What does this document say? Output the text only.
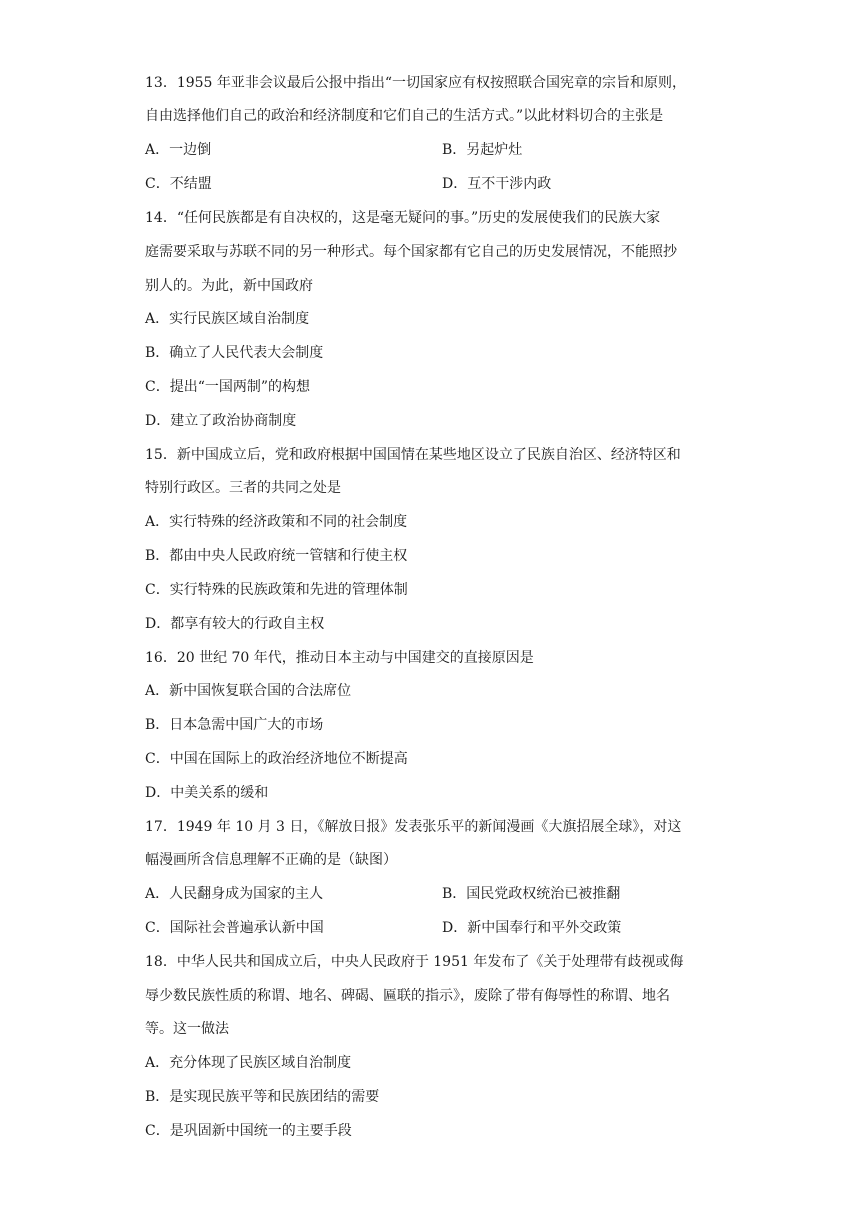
13．1955 年亚非会议最后公报中指出“一切国家应有权按照联合国宪章的宗旨和原则，
自由选择他们自己的政治和经济制度和它们自己的生活方式。”以此材料切合的主张是
A．一边倒	B．另起炉灶
C．不结盟	D．互不干涉内政
14．“任何民族都是有自决权的，这是毫无疑问的事。”历史的发展使我们的民族大家
庭需要采取与苏联不同的另一种形式。每个国家都有它自己的历史发展情况，不能照抄
别人的。为此，新中国政府
A．实行民族区域自治制度
B．确立了人民代表大会制度
C．提出“一国两制”的构想
D．建立了政治协商制度
15．新中国成立后，党和政府根据中国国情在某些地区设立了民族自治区、经济特区和
特别行政区。三者的共同之处是
A．实行特殊的经济政策和不同的社会制度
B．都由中央人民政府统一管辖和行使主权
C．实行特殊的民族政策和先进的管理体制
D．都享有较大的行政自主权
16．20 世纪 70 年代，推动日本主动与中国建交的直接原因是
A．新中国恢复联合国的合法席位
B．日本急需中国广大的市场
C．中国在国际上的政治经济地位不断提高
D．中美关系的缓和
17．1949 年 10 月 3 日，《解放日报》发表张乐平的新闻漫画《大旗招展全球》，对这
幅漫画所含信息理解不正确的是（缺图）
A．人民翻身成为国家的主人	B．国民党政权统治已被推翻
C．国际社会普遍承认新中国	D．新中国奉行和平外交政策
18．中华人民共和国成立后，中央人民政府于 1951 年发布了《关于处理带有歧视或侮
辱少数民族性质的称谓、地名、碑碣、匾联的指示》，废除了带有侮辱性的称谓、地名
等。这一做法
A．充分体现了民族区域自治制度
B．是实现民族平等和民族团结的需要
C．是巩固新中国统一的主要手段
